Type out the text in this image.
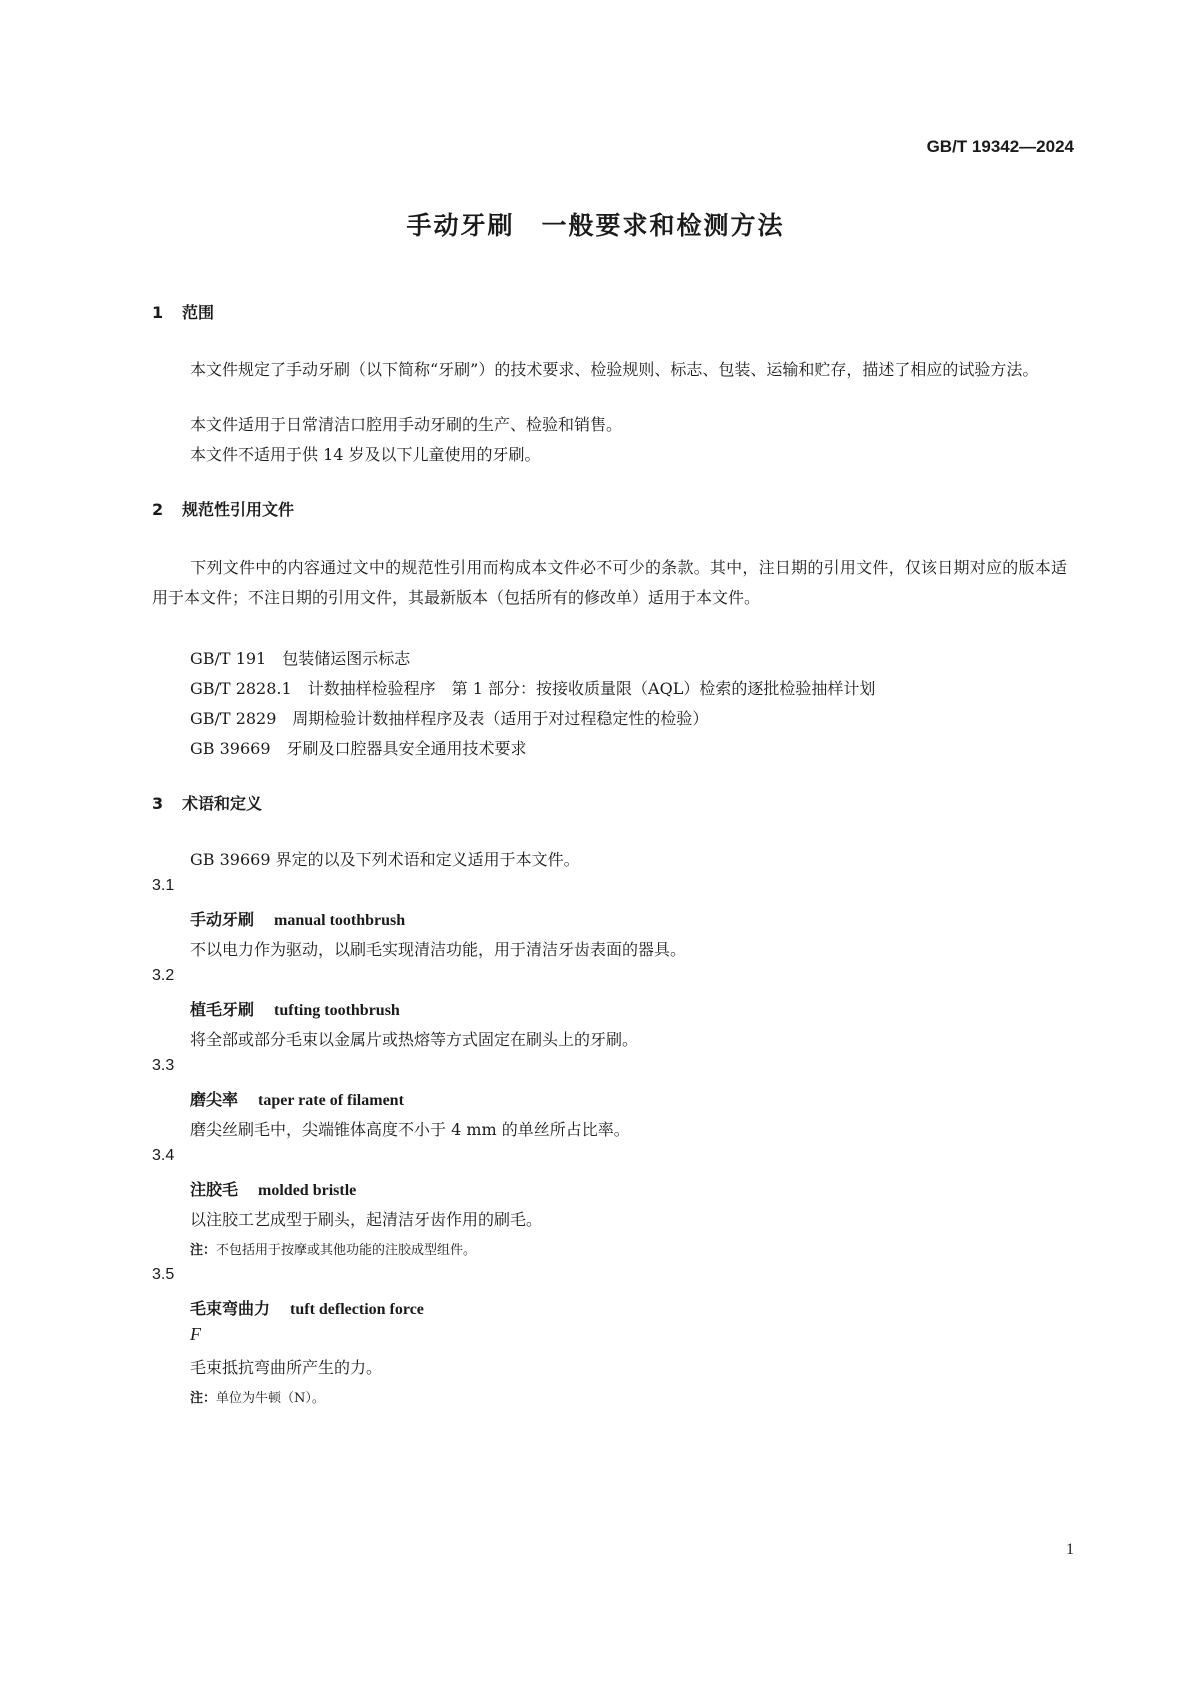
GB/T 19342—2024
手动牙刷　一般要求和检测方法
1 范围
本文件规定了手动牙刷（以下简称“牙刷”）的技术要求、检验规则、标志、包装、运输和贮存，描述了相应的试验方法。
本文件适用于日常清洁口腔用手动牙刷的生产、检验和销售。
本文件不适用于供 14 岁及以下儿童使用的牙刷。
2 规范性引用文件
下列文件中的内容通过文中的规范性引用而构成本文件必不可少的条款。其中，注日期的引用文件，仅该日期对应的版本适用于本文件；不注日期的引用文件，其最新版本（包括所有的修改单）适用于本文件。
GB/T 191　包装储运图示标志
GB/T 2828.1　计数抽样检验程序　第 1 部分：按接收质量限（AQL）检索的逐批检验抽样计划
GB/T 2829　周期检验计数抽样程序及表（适用于对过程稳定性的检验）
GB 39669　牙刷及口腔器具安全通用技术要求
3 术语和定义
GB 39669 界定的以及下列术语和定义适用于本文件。
3.1
手动牙刷 manual toothbrush
不以电力作为驱动，以刷毛实现清洁功能，用于清洁牙齿表面的器具。
3.2
植毛牙刷 tufting toothbrush
将全部或部分毛束以金属片或热熔等方式固定在刷头上的牙刷。
3.3
磨尖率 taper rate of filament
磨尖丝刷毛中，尖端锥体高度不小于 4 mm 的单丝所占比率。
3.4
注胶毛 molded bristle
以注胶工艺成型于刷头，起清洁牙齿作用的刷毛。
注：不包括用于按摩或其他功能的注胶成型组件。
3.5
毛束弯曲力 tuft deflection force
F
毛束抵抗弯曲所产生的力。
注：单位为牛顿（N）。
1
